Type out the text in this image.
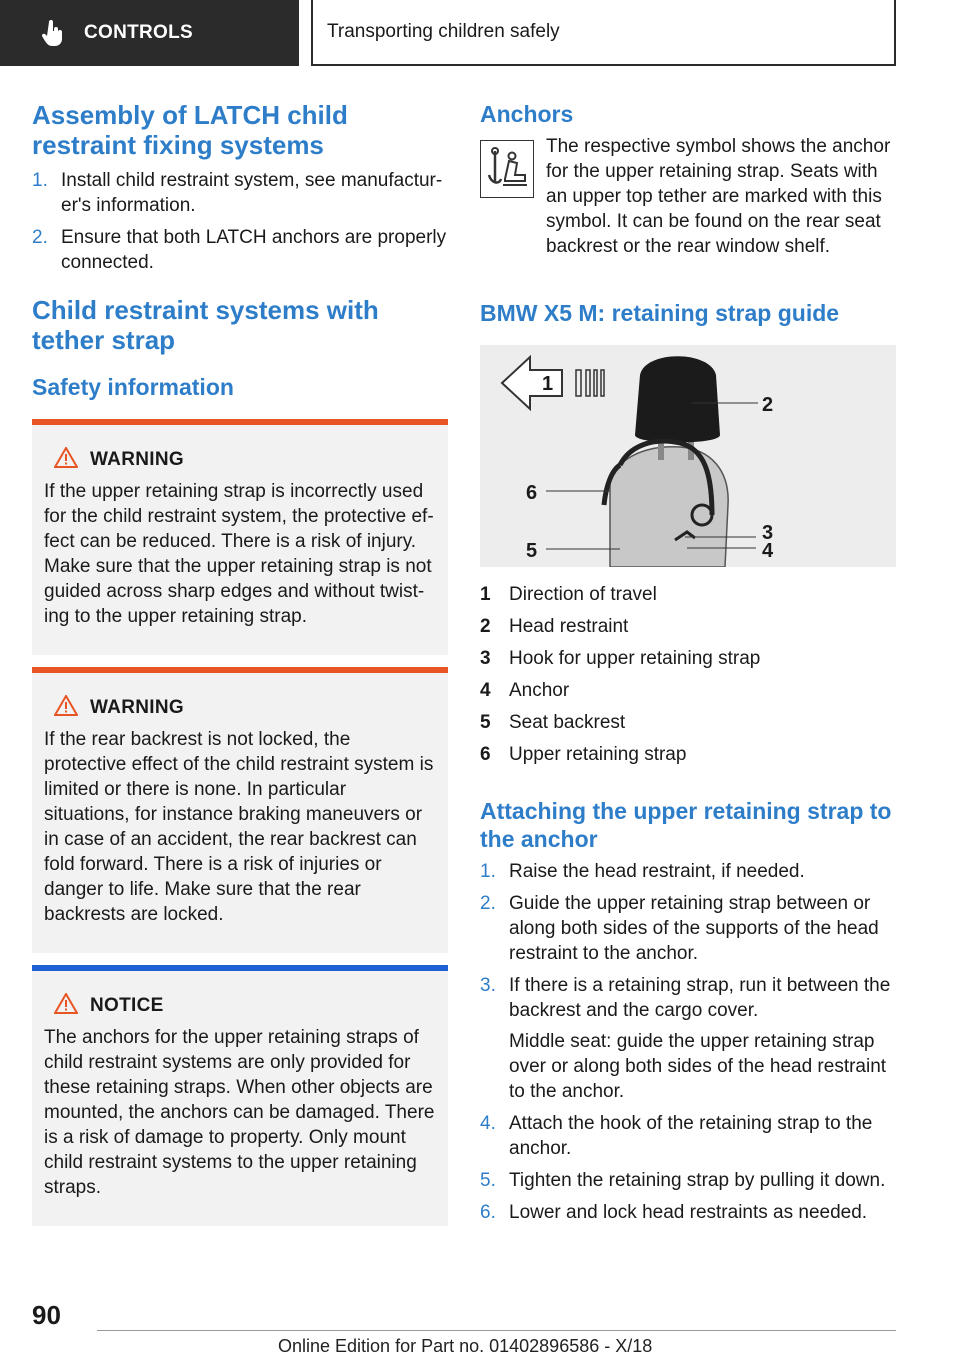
CONTROLS	Transporting children safely
Assembly of LATCH child restraint fixing systems
1. Install child restraint system, see manufacturer's information.
2. Ensure that both LATCH anchors are properly connected.
Child restraint systems with tether strap
Safety information
WARNING

If the upper retaining strap is incorrectly used for the child restraint system, the protective effect can be reduced. There is a risk of injury. Make sure that the upper retaining strap is not guided across sharp edges and without twisting to the upper retaining strap.

WARNING

If the rear backrest is not locked, the protective effect of the child restraint system is limited or there is none. In particular situations, for instance braking maneuvers or in case of an accident, the rear backrest can fold forward. There is a risk of injuries or danger to life. Make sure that the rear backrests are locked.

NOTICE

The anchors for the upper retaining straps of child restraint systems are only provided for these retaining straps. When other objects are mounted, the anchors can be damaged. There is a risk of damage to property. Only mount child restraint systems to the upper retaining straps.

Anchors
The respective symbol shows the anchor for the upper retaining strap. Seats with an upper top tether are marked with this symbol. It can be found on the rear seat backrest or the rear window shelf.
BMW X5 M: retaining strap guide
1
2
3
4
5
6
1 Direction of travel
2 Head restraint
3 Hook for upper retaining strap
4 Anchor
5 Seat backrest
6 Upper retaining strap
Attaching the upper retaining strap to the anchor
1. Raise the head restraint, if needed.
2. Guide the upper retaining strap between or along both sides of the supports of the head restraint to the anchor.
3. If there is a retaining strap, run it between the backrest and the cargo cover.
Middle seat: guide the upper retaining strap over or along both sides of the head restraint to the anchor.
4. Attach the hook of the retaining strap to the anchor.
5. Tighten the retaining strap by pulling it down.
6. Lower and lock head restraints as needed.
90
Online Edition for Part no. 01402896586 - X/18
